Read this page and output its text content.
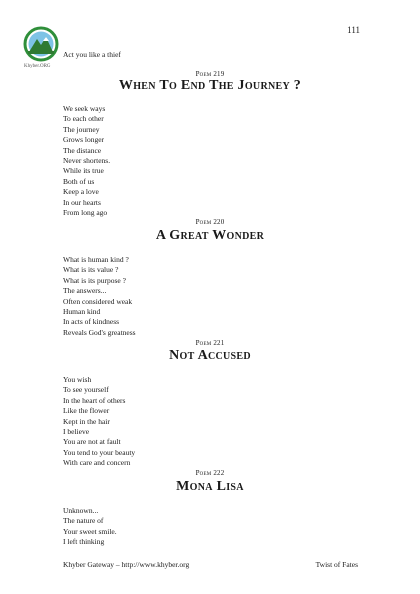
111
Khyber.ORG
Act you like a thief
Poem 219
When To End The Journey ?
We seek ways
To each other
The journey
Grows longer
The distance
Never shortens.
While its true
Both of us
Keep a love
In our hearts
From long ago
Poem 220
A Great Wonder
What is human kind ?
What is its value ?
What is its purpose ?
The answers...
Often considered weak
Human kind
In acts of kindness
Reveals God's greatness
Poem 221
Not Accused
You wish
To see yourself
In the heart of others
Like the flower
Kept in the hair
I believe
You are not at fault
You tend to your beauty
With care and concern
Poem 222
Mona Lisa
Unknown...
The nature of
Your sweet smile.
I left thinking
Khyber Gateway – http://www.khyber.org	Twist of Fates
